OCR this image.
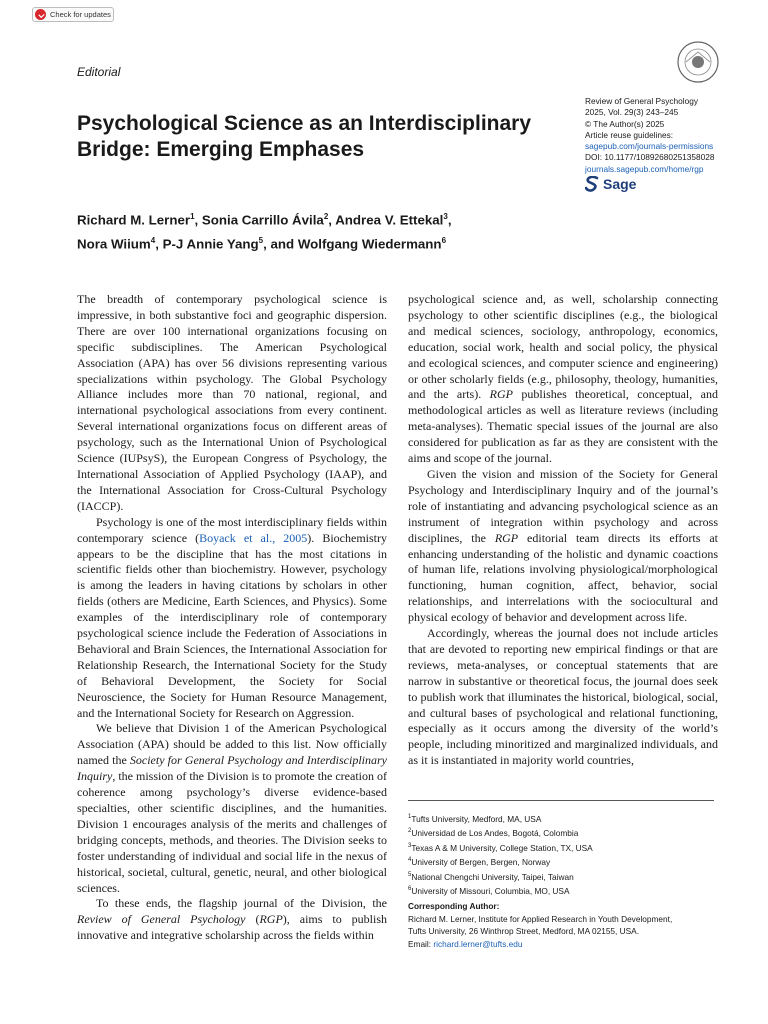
Check for updates
Editorial
Psychological Science as an Interdisciplinary Bridge: Emerging Emphases
Review of General Psychology
2025, Vol. 29(3) 243–245
© The Author(s) 2025
Article reuse guidelines:
sagepub.com/journals-permissions
DOI: 10.1177/10892680251358028
journals.sagepub.com/home/rgp
Sage
Richard M. Lerner$^1$, Sonia Carrillo Ávila$^2$, Andrea V. Ettekal$^3$,
Nora Wiium$^4$, P-J Annie Yang$^5$, and Wolfgang Wiedermann$^6$

The breadth of contemporary psychological science is impressive, in both substantive foci and geographic dispersion. There are over 100 international organizations focusing on specific subdisciplines. The American Psychological Association (APA) has over 56 divisions representing various specializations within psychology. The Global Psychology Alliance includes more than 70 national, regional, and international psychological associations from every continent. Several international organizations focus on different areas of psychology, such as the International Union of Psychological Science (IUPsyS), the European Congress of Psychology, the International Association of Applied Psychology (IAAP), and the International Association for Cross-Cultural Psychology (IACCP).

Psychology is one of the most interdisciplinary fields within contemporary science (Boyack et al., 2005). Biochemistry appears to be the discipline that has the most citations in scientific fields other than biochemistry. However, psychology is among the leaders in having citations by scholars in other fields (others are Medicine, Earth Sciences, and Physics). Some examples of the interdisciplinary role of contemporary psychological science include the Federation of Associations in Behavioral and Brain Sciences, the International Association for Relationship Research, the International Society for the Study of Behavioral Development, the Society for Social Neuroscience, the Society for Human Resource Management, and the International Society for Research on Aggression.

We believe that Division 1 of the American Psychological Association (APA) should be added to this list. Now officially named the Society for General Psychology and Interdisciplinary Inquiry, the mission of the Division is to promote the creation of coherence among psychology’s diverse evidence-based specialties, other scientific disciplines, and the humanities. Division 1 encourages analysis of the merits and challenges of bridging concepts, methods, and theories. The Division seeks to foster understanding of individual and social life in the nexus of historical, societal, cultural, genetic, neural, and other biological sciences.

To these ends, the flagship journal of the Division, the Review of General Psychology (RGP), aims to publish innovative and integrative scholarship across the fields within

psychological science and, as well, scholarship connecting psychology to other scientific disciplines (e.g., the biological and medical sciences, sociology, anthropology, economics, education, social work, health and social policy, the physical and ecological sciences, and computer science and engineering) or other scholarly fields (e.g., philosophy, theology, humanities, and the arts). RGP publishes theoretical, conceptual, and methodological articles as well as literature reviews (including meta-analyses). Thematic special issues of the journal are also considered for publication as far as they are consistent with the aims and scope of the journal.

Given the vision and mission of the Society for General Psychology and Interdisciplinary Inquiry and of the journal’s role of instantiating and advancing psychological science as an instrument of integration within psychology and across disciplines, the RGP editorial team directs its efforts at enhancing understanding of the holistic and dynamic coactions of human life, relations involving physiological/morphological functioning, human cognition, affect, behavior, social relationships, and interrelations with the sociocultural and physical ecology of behavior and development across life.

Accordingly, whereas the journal does not include articles that are devoted to reporting new empirical findings or that are reviews, meta-analyses, or conceptual statements that are narrow in substantive or theoretical focus, the journal does seek to publish work that illuminates the historical, biological, social, and cultural bases of psychological and relational functioning, especially as it occurs among the diversity of the world’s people, including minoritized and marginalized individuals, and as it is instantiated in majority world countries,

$^1$Tufts University, Medford, MA, USA
$^2$Universidad de Los Andes, Bogotá, Colombia
$^3$Texas A & M University, College Station, TX, USA
$^4$University of Bergen, Bergen, Norway
$^5$National Chengchi University, Taipei, Taiwan
$^6$University of Missouri, Columbia, MO, USA
Corresponding Author:
Richard M. Lerner, Institute for Applied Research in Youth Development,
Tufts University, 26 Winthrop Street, Medford, MA 02155, USA.
Email: richard.lerner@tufts.edu
